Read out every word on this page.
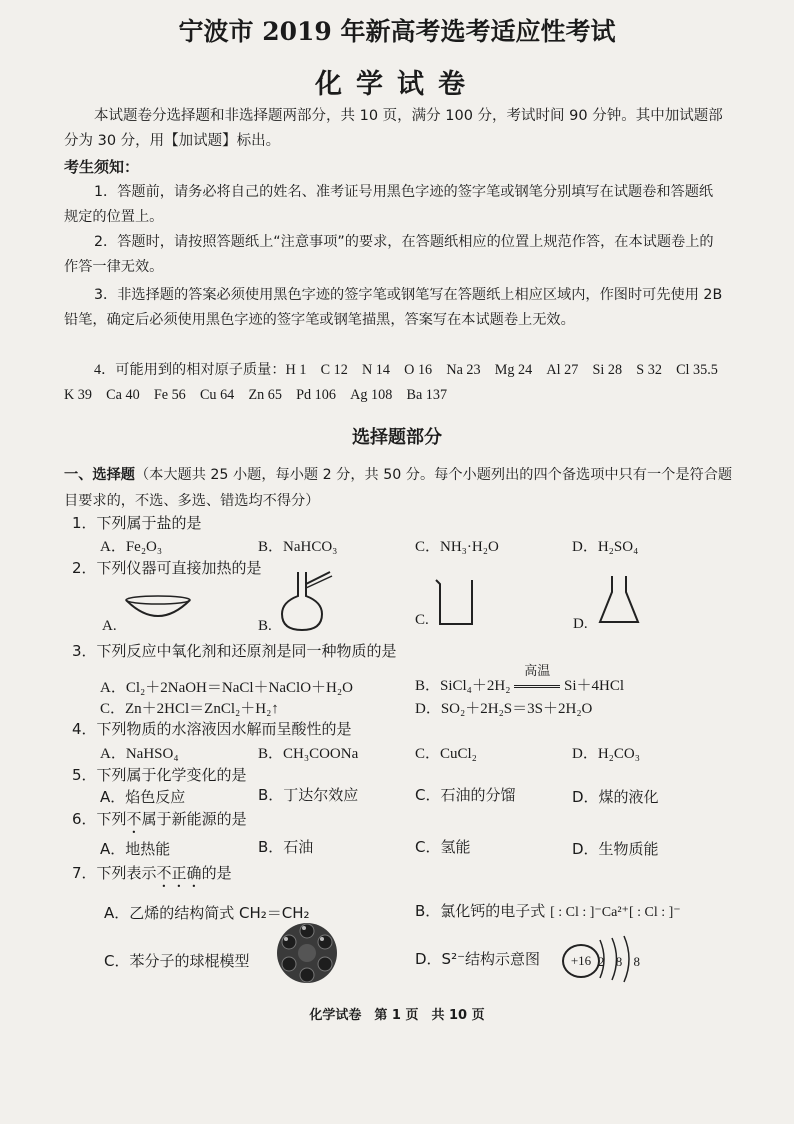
宁波市 2019 年新高考选考适应性考试
化学试卷
本试题卷分选择题和非选择题两部分，共 10 页，满分 100 分，考试时间 90 分钟。其中加试题部分为 30 分，用【加试题】标出。
考生须知：
1．答题前，请务必将自己的姓名、准考证号用黑色字迹的签字笔或钢笔分别填写在试题卷和答题纸规定的位置上。
2．答题时，请按照答题纸上“注意事项”的要求，在答题纸相应的位置上规范作答，在本试题卷上的作答一律无效。
3．非选择题的答案必须使用黑色字迹的签字笔或钢笔写在答题纸上相应区域内，作图时可先使用 2B 铅笔，确定后必须使用黑色字迹的签字笔或钢笔描黑，答案写在本试题卷上无效。
4．可能用到的相对原子质量：H 1　C 12　N 14　O 16　Na 23　Mg 24　Al 27　Si 28　S 32　Cl 35.5　K 39　Ca 40　Fe 56　Cu 64　Zn 65　Pd 106　Ag 108　Ba 137
选择题部分
一、选择题（本大题共 25 小题，每小题 2 分，共 50 分。每个小题列出的四个备选项中只有一个是符合题目要求的，不选、多选、错选均不得分）
1．下列属于盐的是
A．Fe₂O₃	B．NaHCO₃	C．NH₃·H₂O	D．H₂SO₄
2．下列仪器可直接加热的是
A.	B.	C.	D.
3．下列反应中氧化剂和还原剂是同一种物质的是
A．Cl₂＋2NaOH＝NaCl＋NaClO＋H₂O	B．SiCl₄＋2H₂
高温
Si＋4HCl
C．Zn＋2HCl＝ZnCl₂＋H₂↑	D．SO₂＋2H₂S＝3S＋2H₂O
4．下列物质的水溶液因水解而呈酸性的是
A．NaHSO₄	B．CH₃COONa	C．CuCl₂	D．H₂CO₃
5．下列属于化学变化的是
A．焰色反应	B．丁达尔效应	C．石油的分馏	D．煤的液化
6．下列不属于新能源的是
A．地热能	B．石油	C．氢能	D．生物质能
7．下列表示不正确的是
A．乙烯的结构简式 CH₂＝CH₂	B．氯化钙的电子式 [ : Cl : ]⁻Ca²⁺[ : Cl : ]⁻
C．苯分子的球棍模型	D．S²⁻结构示意图	+16 2 8 8
化学试卷　第 1 页　共 10 页
